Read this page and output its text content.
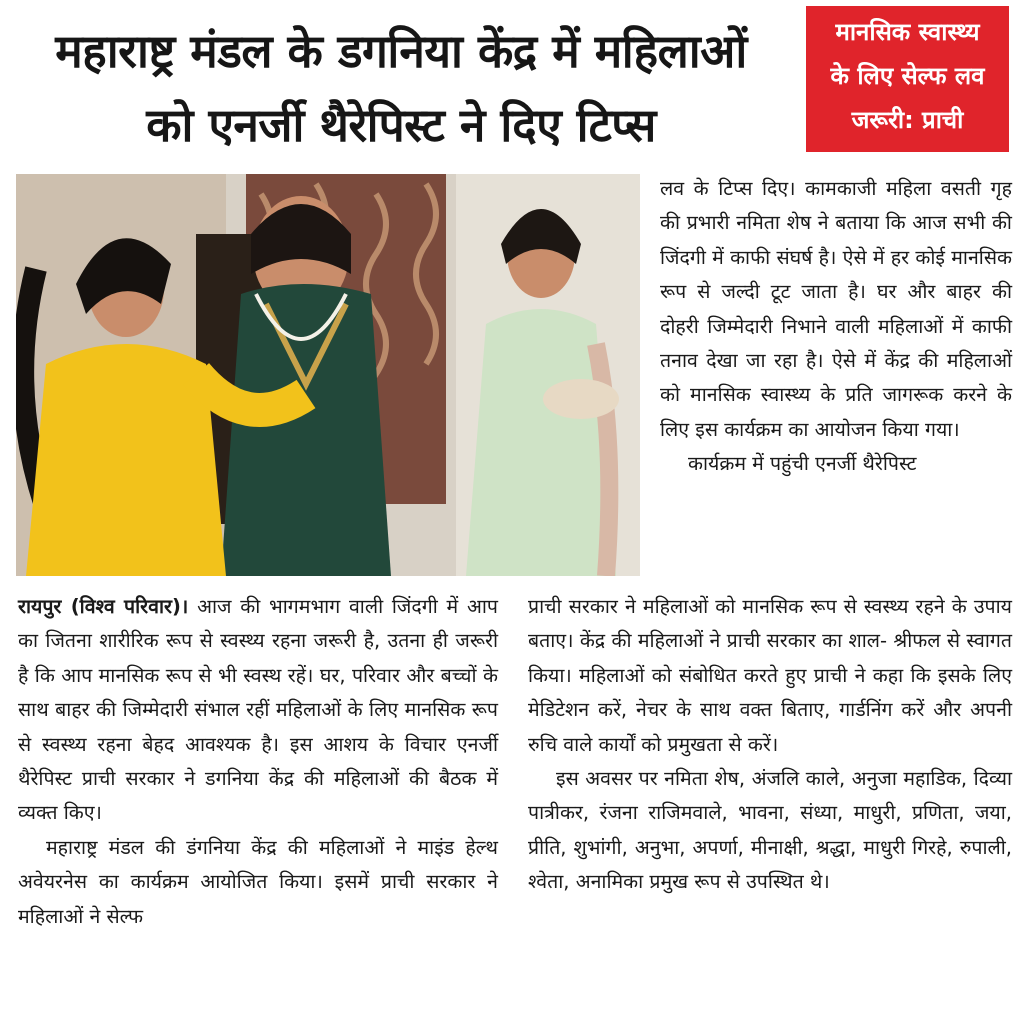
महाराष्ट्र मंडल के डगनिया केंद्र में महिलाओं
को एनर्जी थैरेपिस्ट ने दिए टिप्स
मानसिक स्वास्थ्य
के लिए सेल्फ लव
जरूरी: प्राची

लव के टिप्स दिए। कामकाजी महिला वसती गृह की प्रभारी नमिता शेष ने बताया कि आज सभी की जिंदगी में काफी संघर्ष है। ऐसे में हर कोई मानसिक रूप से जल्दी टूट जाता है। घर और बाहर की दोहरी जिम्मेदारी निभाने वाली महिलाओं में काफी तनाव देखा जा रहा है। ऐसे में केंद्र की महिलाओं को मानसिक स्वास्थ्य के प्रति जागरूक करने के लिए इस कार्यक्रम का आयोजन किया गया।

कार्यक्रम में पहुंची एनर्जी थैरेपिस्ट

रायपुर (विश्व परिवार)। आज की भागमभाग वाली जिंदगी में आप का जितना शारीरिक रूप से स्वस्थ्य रहना जरूरी है, उतना ही जरूरी है कि आप मानसिक रूप से भी स्वस्थ रहें। घर, परिवार और बच्चों के साथ बाहर की जिम्मेदारी संभाल रहीं महिलाओं के लिए मानसिक रूप से स्वस्थ्य रहना बेहद आवश्यक है। इस आशय के विचार एनर्जी थैरेपिस्ट प्राची सरकार ने डगनिया केंद्र की महिलाओं की बैठक में व्यक्त किए।

महाराष्ट्र मंडल की डंगनिया केंद्र की महिलाओं ने माइंड हेल्थ अवेयरनेस का कार्यक्रम आयोजित किया। इसमें प्राची सरकार ने महिलाओं ने सेल्फ

प्राची सरकार ने महिलाओं को मानसिक रूप से स्वस्थ्य रहने के उपाय बताए। केंद्र की महिलाओं ने प्राची सरकार का शाल- श्रीफल से स्वागत किया। महिलाओं को संबोधित करते हुए प्राची ने कहा कि इसके लिए मेडिटेशन करें, नेचर के साथ वक्त बिताए, गार्डनिंग करें और अपनी रुचि वाले कार्यों को प्रमुखता से करें।

इस अवसर पर नमिता शेष, अंजलि काले, अनुजा महाडिक, दिव्या पात्रीकर, रंजना राजिमवाले, भावना, संध्या, माधुरी, प्रणिता, जया, प्रीति, शुभांगी, अनुभा, अपर्णा, मीनाक्षी, श्रद्धा, माधुरी गिरहे, रुपाली, श्वेता, अनामिका प्रमुख रूप से उपस्थित थे।
